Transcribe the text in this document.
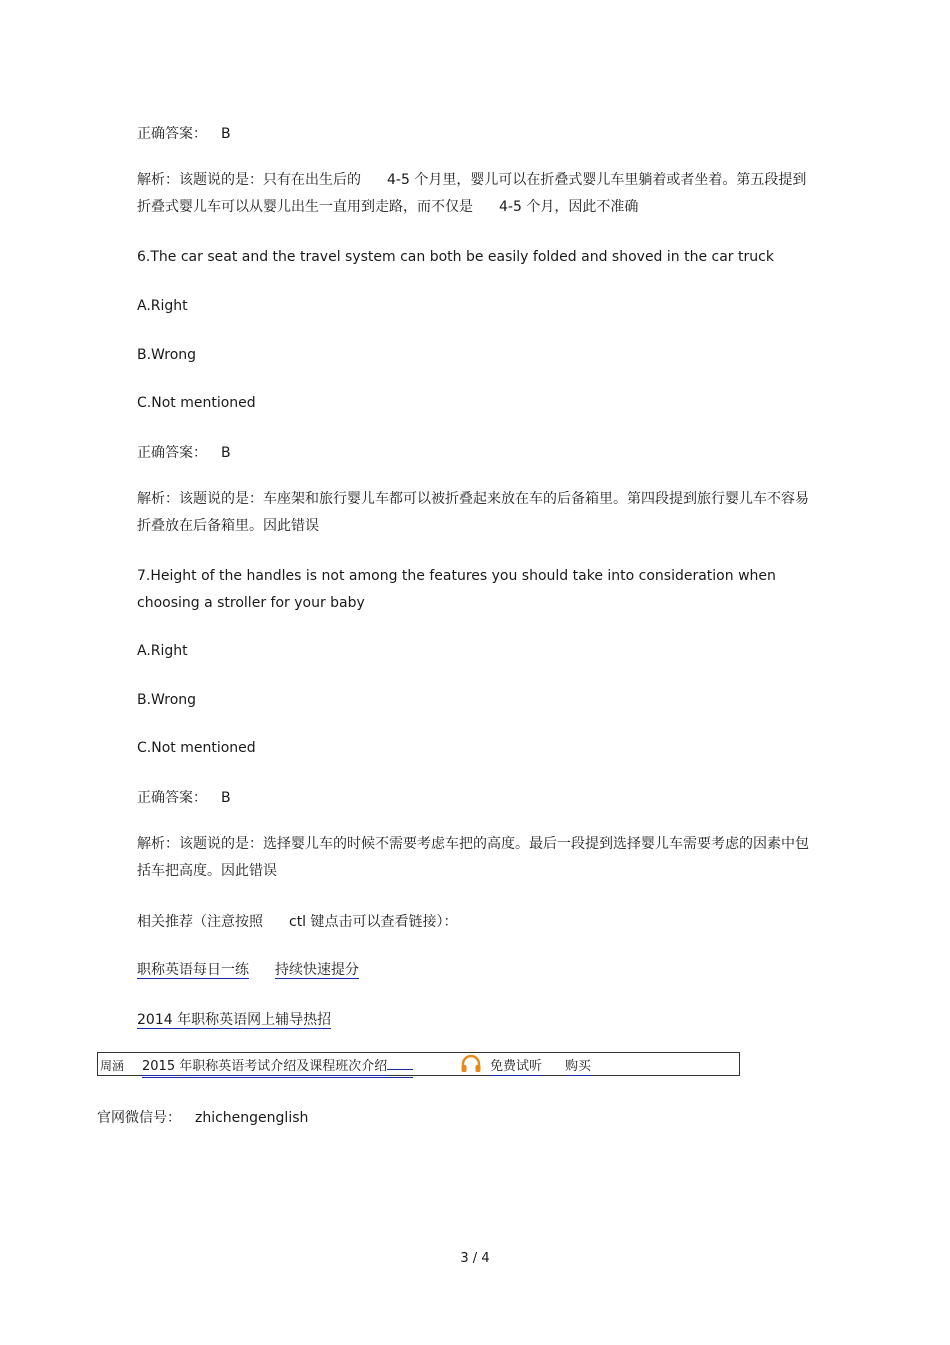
正确答案： B
解析：该题说的是：只有在出生后的 4-5 个月里，婴儿可以在折叠式婴儿车里躺着或者坐着。第五段提到折叠式婴儿车可以从婴儿出生一直用到走路，而不仅是 4-5 个月，因此不准确
6.The car seat and the travel system can both be easily folded and shoved in the car truck
A.Right
B.Wrong
C.Not mentioned
正确答案： B
解析：该题说的是：车座架和旅行婴儿车都可以被折叠起来放在车的后备箱里。第四段提到旅行婴儿车不容易折叠放在后备箱里。因此错误
7.Height of the handles is not among the features you should take into consideration when choosing a stroller for your baby
A.Right
B.Wrong
C.Not mentioned
正确答案： B
解析：该题说的是：选择婴儿车的时候不需要考虑车把的高度。最后一段提到选择婴儿车需要考虑的因素中包括车把高度。因此错误
相关推荐（注意按照 ctl 键点击可以查看链接）：
职称英语每日一练 持续快速提分
2014 年职称英语网上辅导热招
周涵 2015 年职称英语考试介绍及课程班次介绍	免费试听 购买
官网微信号： zhichengenglish
3 / 4
